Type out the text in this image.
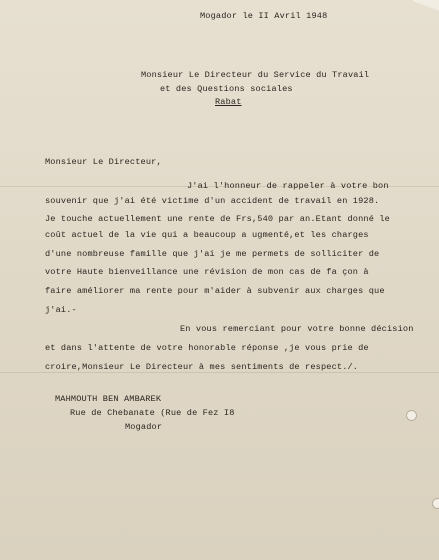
Mogador le II Avril 1948
Monsieur Le Directeur du Service du Travail
et des Questions sociales
Rabat
Monsieur Le Directeur,
J'ai l'honneur de rappeler à votre bon
souvenir que j'ai été victime d'un accident de travail en 1928.
Je touche actuellement une rente de Frs,540 par an.Etant donné le
coût actuel de la vie qui a beaucoup a ugmenté,et les charges
d'une nombreuse famille que j'ai je me permets de solliciter de
votre Haute bienveillance une révision de mon cas de fa çon à
faire améliorer ma rente pour m'aider à subvenir aux charges que
j'ai.-
En vous remerciant pour votre bonne décision
et dans l'attente de votre honorable réponse ,je vous prie de
croire,Monsieur Le Directeur à mes sentiments de respect./.
MAHMOUTH BEN AMBAREK
Rue de Chebanate (Rue de Fez I8
Mogador
